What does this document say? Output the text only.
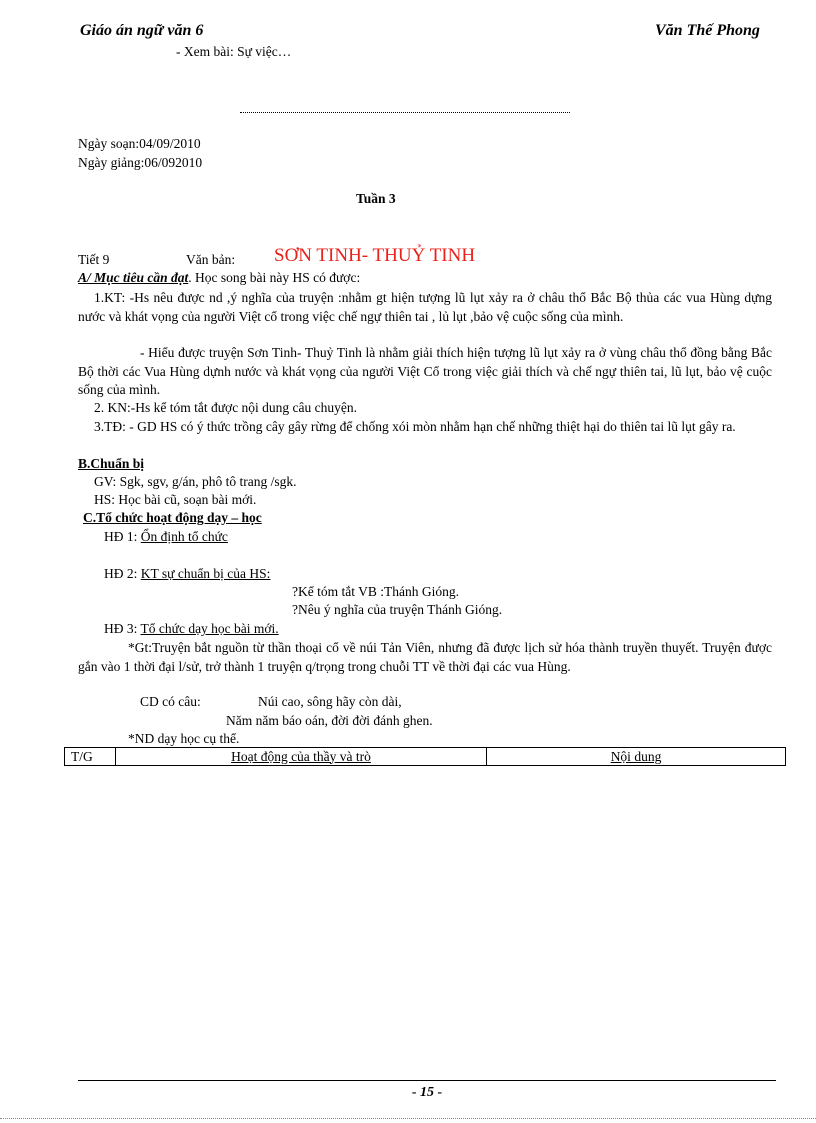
Giáo án ngữ văn 6	Văn Thế Phong
- Xem bài: Sự việc…
Ngày soạn:04/09/2010
Ngày giảng:06/092010
Tuần 3
Tiết 9	Văn bản: SƠN TINH- THUỶ TINH
A/ Mục tiêu cần đạt. Học song bài này HS có được:
1.KT: -Hs nêu được nd ,ý nghĩa của truyện :nhằm gt hiện tượng lũ lụt xảy ra ở châu thổ Bắc Bộ thủa các vua Hùng dựng nước và khát vọng của người Việt cổ trong việc chế ngự thiên tai , lủ lụt ,bảo vệ cuộc sống của mình.
- Hiểu được truyện Sơn Tinh- Thuỷ Tinh là nhằm giải thích hiện tượng lũ lụt xảy ra ở vùng châu thổ đồng bằng Bắc Bộ thời các Vua Hùng dựnh nước và khát vọng của người Việt Cổ trong việc giải thích và chế ngự thiên tai, lũ lụt, bảo vệ cuộc sống của mình.
2. KN:-Hs kể tóm tắt được nội dung câu chuyện.
3.TĐ: - GD HS có ý thức trồng cây gây rừng để chống xói mòn nhằm hạn chế những thiệt hại do thiên tai lũ lụt gây ra.
B.Chuẩn bị
GV: Sgk, sgv, g/án, phô tô trang /sgk.
HS: Học bài cũ, soạn bài mới.
C.Tổ chức hoạt động dạy – học
HĐ 1: Ổn định tổ chức
HĐ 2: KT sự chuẩn bị của HS:
?Kể tóm tắt VB :Thánh Gióng.
?Nêu ý nghĩa của truyện Thánh Gióng.
HĐ 3: Tổ chức dạy học bài mới.
*Gt:Truyện bắt nguồn từ thần thoại cổ về núi Tản Viên, nhưng đã được lịch sử hóa thành truyền thuyết. Truyện được gắn vào 1 thời đại l/sử, trở thành 1 truyện q/trọng trong chuỗi TT về thời đại các vua Hùng.
CD có câu:	Núi cao, sông hãy còn dài,
Năm năm báo oán, đời đời đánh ghen.
*ND dạy học cụ thể.
T/G	Hoạt động của thầy và trò	Nội dung
- 15 -
